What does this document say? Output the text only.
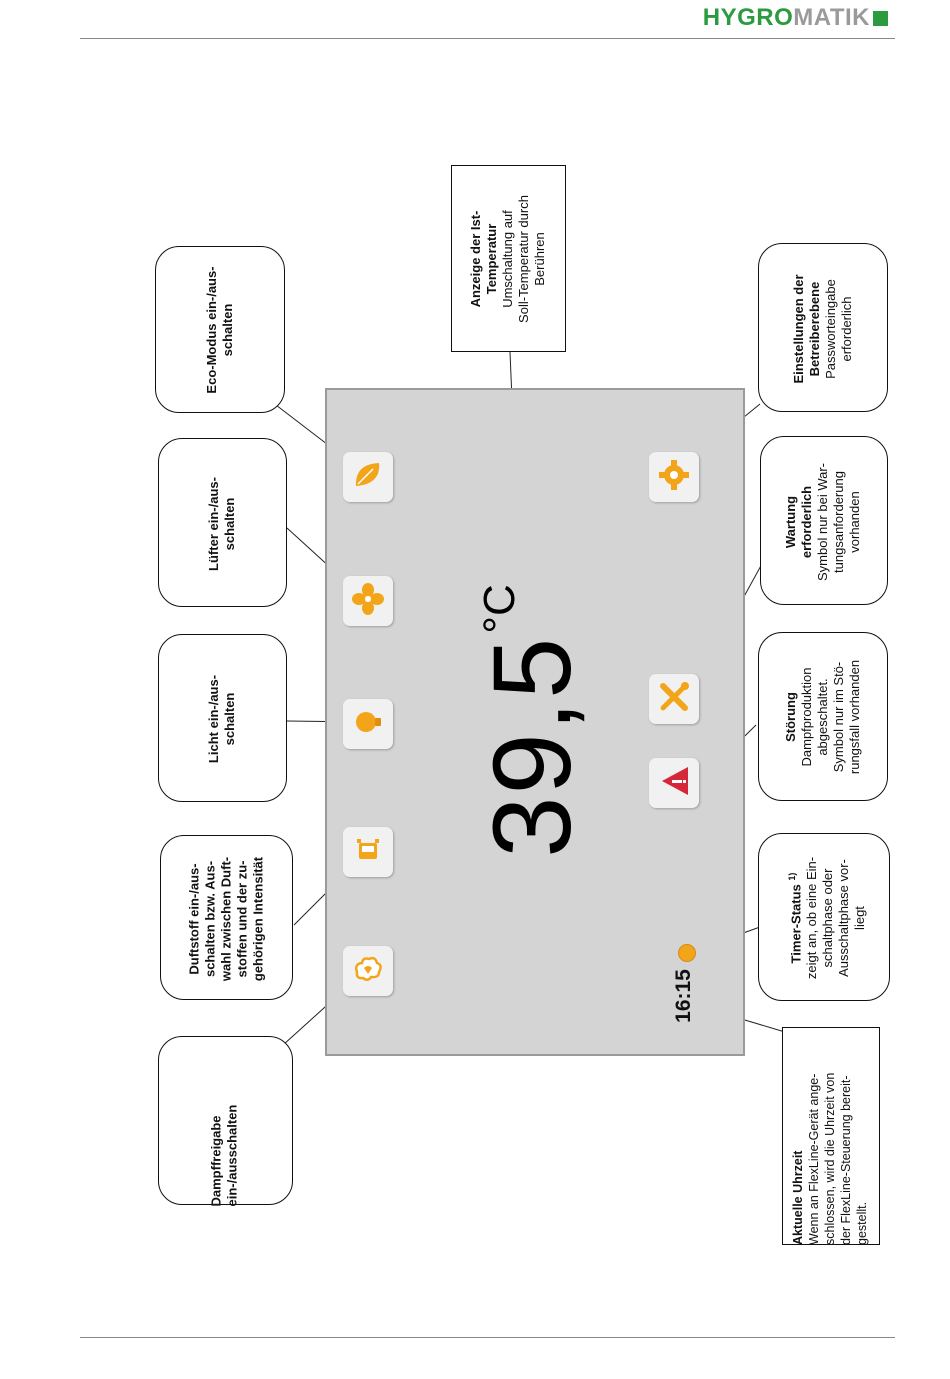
HYGROMATIK
16:15
39,5
°C
Dampffreigabe ein-/ausschalten
Duftstoff ein-/aus- schalten bzw. Aus- wahl zwischen Duft- stoffen und der zu- gehörigen Intensität
Licht ein-/aus- schalten
Lüfter ein-/aus- schalten
Eco-Modus ein-/aus- schalten
Anzeige der Ist- Temperatur Umschaltung auf Soll-Temperatur durch Berühren
Einstellungen der Betreiberebene Passworteingabe erforderlich
Wartung erforderlich Symbol nur bei War- tungsanforderung vorhanden
Störung Dampfproduktion abgeschaltet. Symbol nur im Stö- rungsfall vorhanden
Timer-Status $^{1)}$ zeigt an, ob eine Ein- schaltphase oder Ausschaltphase vor- liegt
Aktuelle Uhrzeit Wenn an FlexLine-Gerät ange- schlossen, wird die Uhrzeit von der FlexLine-Steuerung bereit- gestellt.
